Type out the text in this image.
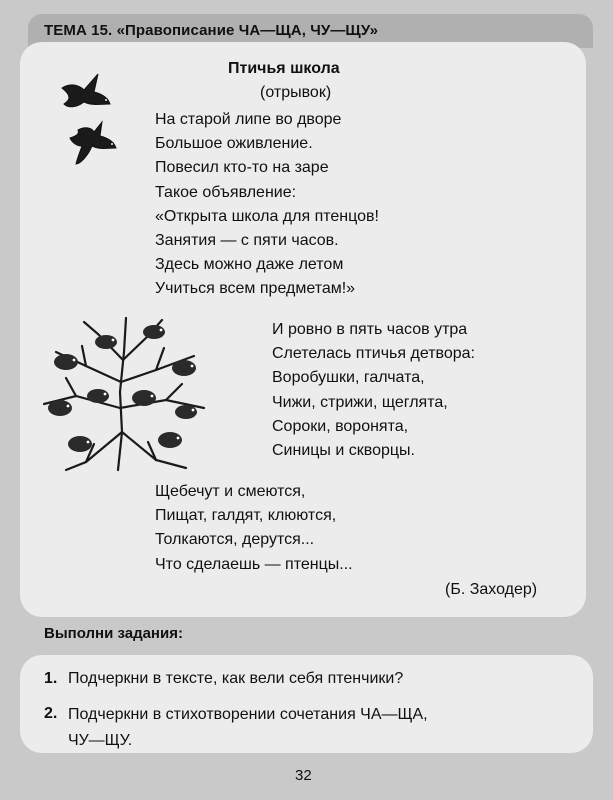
ТЕМА 15. «Правописание ЧА—ЩА, ЧУ—ЩУ»
Птичья школа
(отрывок)
На старой липе во дворе
Большое оживление.
Повесил кто-то на заре
Такое объявление:
«Открыта школа для птенцов!
Занятия — с пяти часов.
Здесь можно даже летом
Учиться всем предметам!»
И ровно в пять часов утра
Слетелась птичья детвора:
Воробушки, галчата,
Чижи, стрижи, щеглята,
Сороки, воронята,
Синицы и скворцы.
Щебечут и смеются,
Пищат, галдят, клюются,
Толкаются, дерутся...
Что сделаешь — птенцы...
(Б. Заходер)
Выполни задания:
1. Подчеркни в тексте, как вели себя птенчики?
2. Подчеркни в стихотворении сочетания ЧА—ЩА,
ЧУ—ЩУ.
32
